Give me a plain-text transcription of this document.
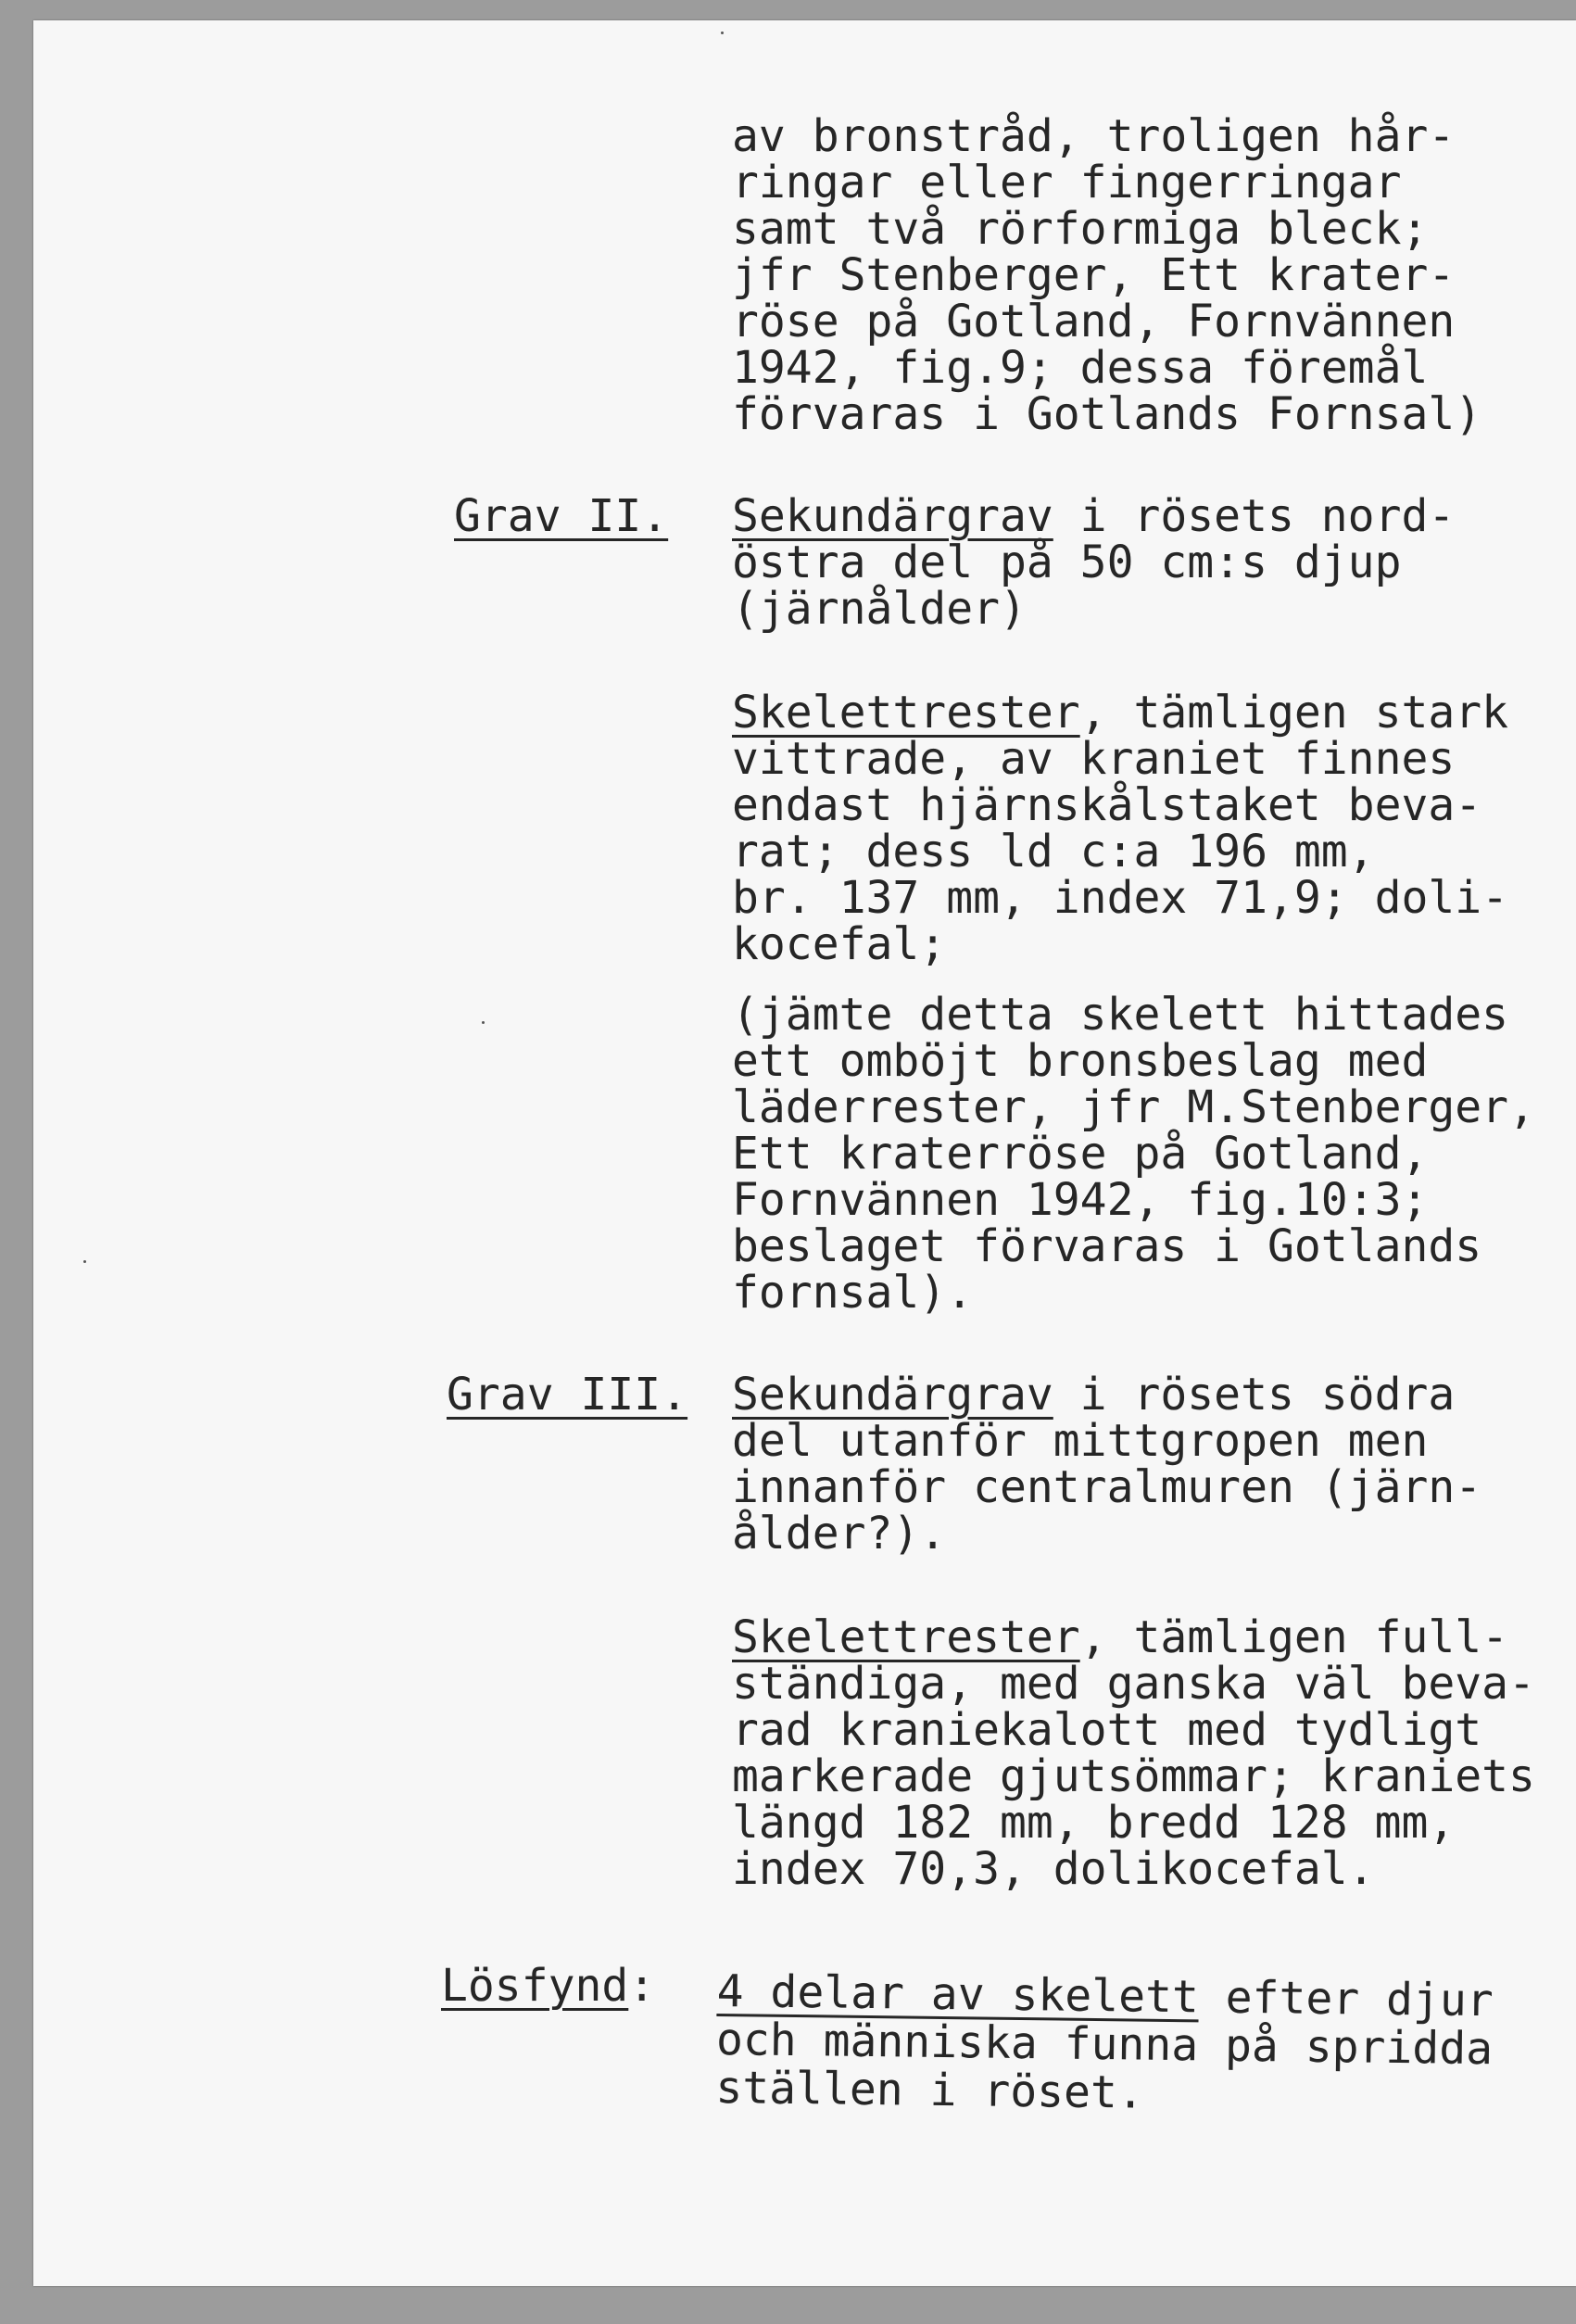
av bronstråd, troligen hår-
ringar eller fingerringar
samt två rörformiga bleck;
jfr Stenberger, Ett krater-
röse på Gotland, Fornvännen
1942, fig.9; dessa föremål
förvaras i Gotlands Fornsal)
Grav II. Sekundärgrav i rösets nord-
östra del på 50 cm:s djup
(järnålder)
Skelettrester, tämligen stark
vittrade, av kraniet finnes
endast hjärnskålstaket beva-
rat; dess ld c:a 196 mm,
br. 137 mm, index 71,9; doli-
kocefal;
(jämte detta skelett hittades
ett omböjt bronsbeslag med
läderrester, jfr M.Stenberger,
Ett kraterröse på Gotland,
Fornvännen 1942, fig.10:3;
beslaget förvaras i Gotlands
fornsal).
Grav III. Sekundärgrav i rösets södra
del utanför mittgropen men
innanför centralmuren (järn-
ålder?).
Skelettrester, tämligen full-
ständiga, med ganska väl beva-
rad kraniekalott med tydligt
markerade gjutsömmar; kraniets
längd 182 mm, bredd 128 mm,
index 70,3, dolikocefal.
Lösfynd: 4 delar av skelett efter djur
och människa funna på spridda
ställen i röset.
